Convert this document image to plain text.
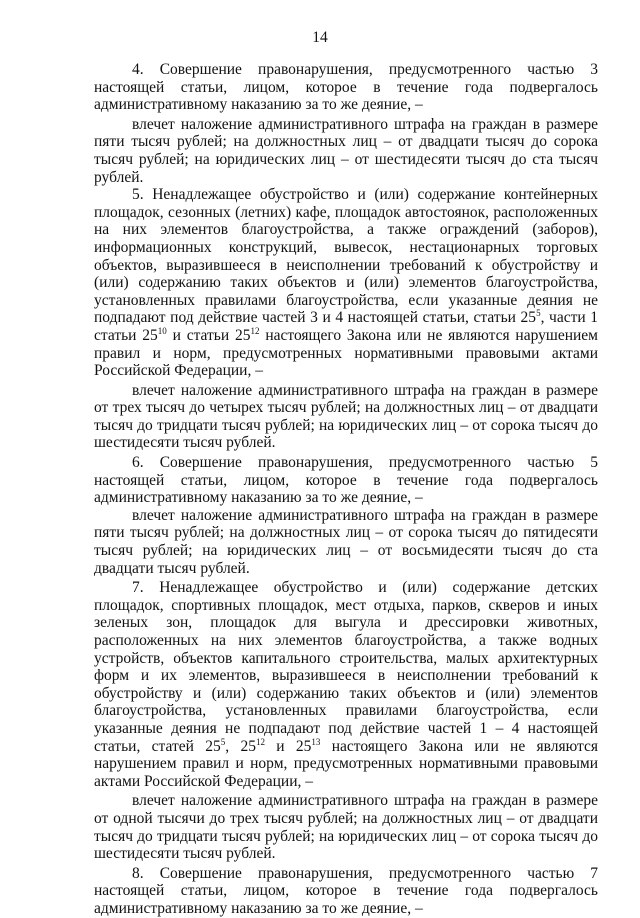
14

4. Совершение правонарушения, предусмотренного частью 3 настоящей статьи, лицом, которое в течение года подвергалось административному наказанию за то же деяние, –

влечет наложение административного штрафа на граждан в размере пяти тысяч рублей; на должностных лиц – от двадцати тысяч до сорока тысяч рублей; на юридических лиц – от шестидесяти тысяч до ста тысяч рублей.

5. Ненадлежащее обустройство и (или) содержание контейнерных площадок, сезонных (летних) кафе, площадок автостоянок, расположенных на них элементов благоустройства, а также ограждений (заборов), информационных конструкций, вывесок, нестационарных торговых объектов, выразившееся в неисполнении требований к обустройству и (или) содержанию таких объектов и (или) элементов благоустройства, установленных правилами благоустройства, если указанные деяния не подпадают под действие частей 3 и 4 настоящей статьи, статьи $25^5$, части 1 статьи $25^{10}$ и статьи $25^{12}$ настоящего Закона или не являются нарушением правил и норм, предусмотренных нормативными правовыми актами Российской Федерации, –

влечет наложение административного штрафа на граждан в размере от трех тысяч до четырех тысяч рублей; на должностных лиц – от двадцати тысяч до тридцати тысяч рублей; на юридических лиц – от сорока тысяч до шестидесяти тысяч рублей.

6. Совершение правонарушения, предусмотренного частью 5 настоящей статьи, лицом, которое в течение года подвергалось административному наказанию за то же деяние, –

влечет наложение административного штрафа на граждан в размере пяти тысяч рублей; на должностных лиц – от сорока тысяч до пятидесяти тысяч рублей; на юридических лиц – от восьмидесяти тысяч до ста двадцати тысяч рублей.

7. Ненадлежащее обустройство и (или) содержание детских площадок, спортивных площадок, мест отдыха, парков, скверов и иных зеленых зон, площадок для выгула и дрессировки животных, расположенных на них элементов благоустройства, а также водных устройств, объектов капитального строительства, малых архитектурных форм и их элементов, выразившееся в неисполнении требований к обустройству и (или) содержанию таких объектов и (или) элементов благоустройства, установленных правилами благоустройства, если указанные деяния не подпадают под действие частей 1 – 4 настоящей статьи, статей $25^5$, $25^{12}$ и $25^{13}$ настоящего Закона или не являются нарушением правил и норм, предусмотренных нормативными правовыми актами Российской Федерации, –

влечет наложение административного штрафа на граждан в размере от одной тысячи до трех тысяч рублей; на должностных лиц – от двадцати тысяч до тридцати тысяч рублей; на юридических лиц – от сорока тысяч до шестидесяти тысяч рублей.

8. Совершение правонарушения, предусмотренного частью 7 настоящей статьи, лицом, которое в течение года подвергалось административному наказанию за то же деяние, –
